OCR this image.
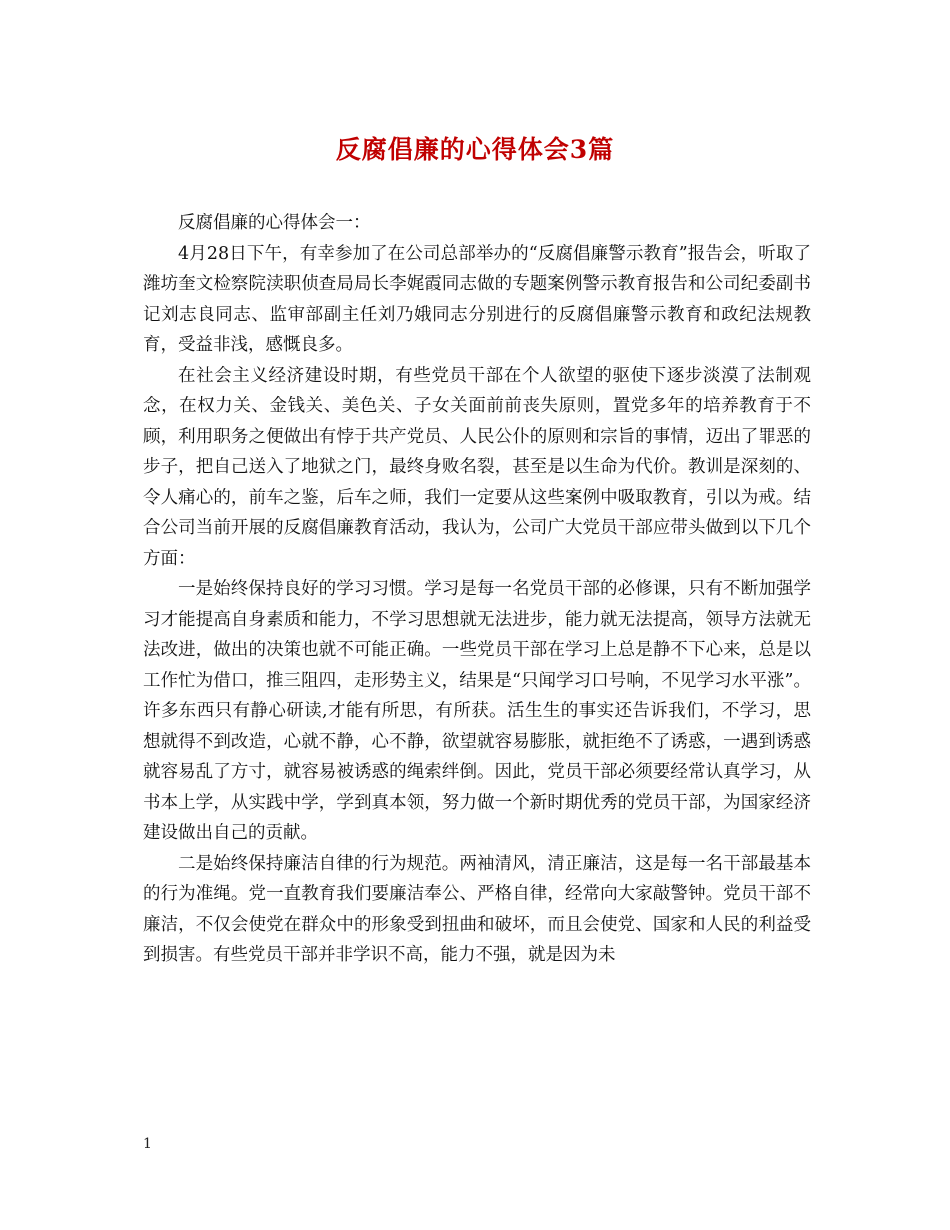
反腐倡廉的心得体会3篇

反腐倡廉的心得体会一：

4月28日下午，有幸参加了在公司总部举办的“反腐倡廉警示教育”报告会，听取了潍坊奎文检察院渎职侦查局局长李娓霞同志做的专题案例警示教育报告和公司纪委副书记刘志良同志、监审部副主任刘乃娥同志分别进行的反腐倡廉警示教育和政纪法规教育，受益非浅，感慨良多。

在社会主义经济建设时期，有些党员干部在个人欲望的驱使下逐步淡漠了法制观念，在权力关、金钱关、美色关、子女关面前前丧失原则，置党多年的培养教育于不顾，利用职务之便做出有悖于共产党员、人民公仆的原则和宗旨的事情，迈出了罪恶的步子，把自己送入了地狱之门，最终身败名裂，甚至是以生命为代价。教训是深刻的、令人痛心的，前车之鉴，后车之师，我们一定要从这些案例中吸取教育，引以为戒。结合公司当前开展的反腐倡廉教育活动，我认为，公司广大党员干部应带头做到以下几个方面：

一是始终保持良好的学习习惯。学习是每一名党员干部的必修课，只有不断加强学习才能提高自身素质和能力，不学习思想就无法进步，能力就无法提高，领导方法就无法改进，做出的决策也就不可能正确。一些党员干部在学习上总是静不下心来，总是以工作忙为借口，推三阻四，走形势主义，结果是“只闻学习口号响，不见学习水平涨”。许多东西只有静心研读,才能有所思，有所获。活生生的事实还告诉我们，不学习，思想就得不到改造，心就不静，心不静，欲望就容易膨胀，就拒绝不了诱惑，一遇到诱惑就容易乱了方寸，就容易被诱惑的绳索绊倒。因此，党员干部必须要经常认真学习，从书本上学，从实践中学，学到真本领，努力做一个新时期优秀的党员干部，为国家经济建设做出自己的贡献。

二是始终保持廉洁自律的行为规范。两袖清风，清正廉洁，这是每一名干部最基本的行为准绳。党一直教育我们要廉洁奉公、严格自律，经常向大家敲警钟。党员干部不廉洁，不仅会使党在群众中的形象受到扭曲和破坏，而且会使党、国家和人民的利益受到损害。有些党员干部并非学识不高，能力不强，就是因为未

1
